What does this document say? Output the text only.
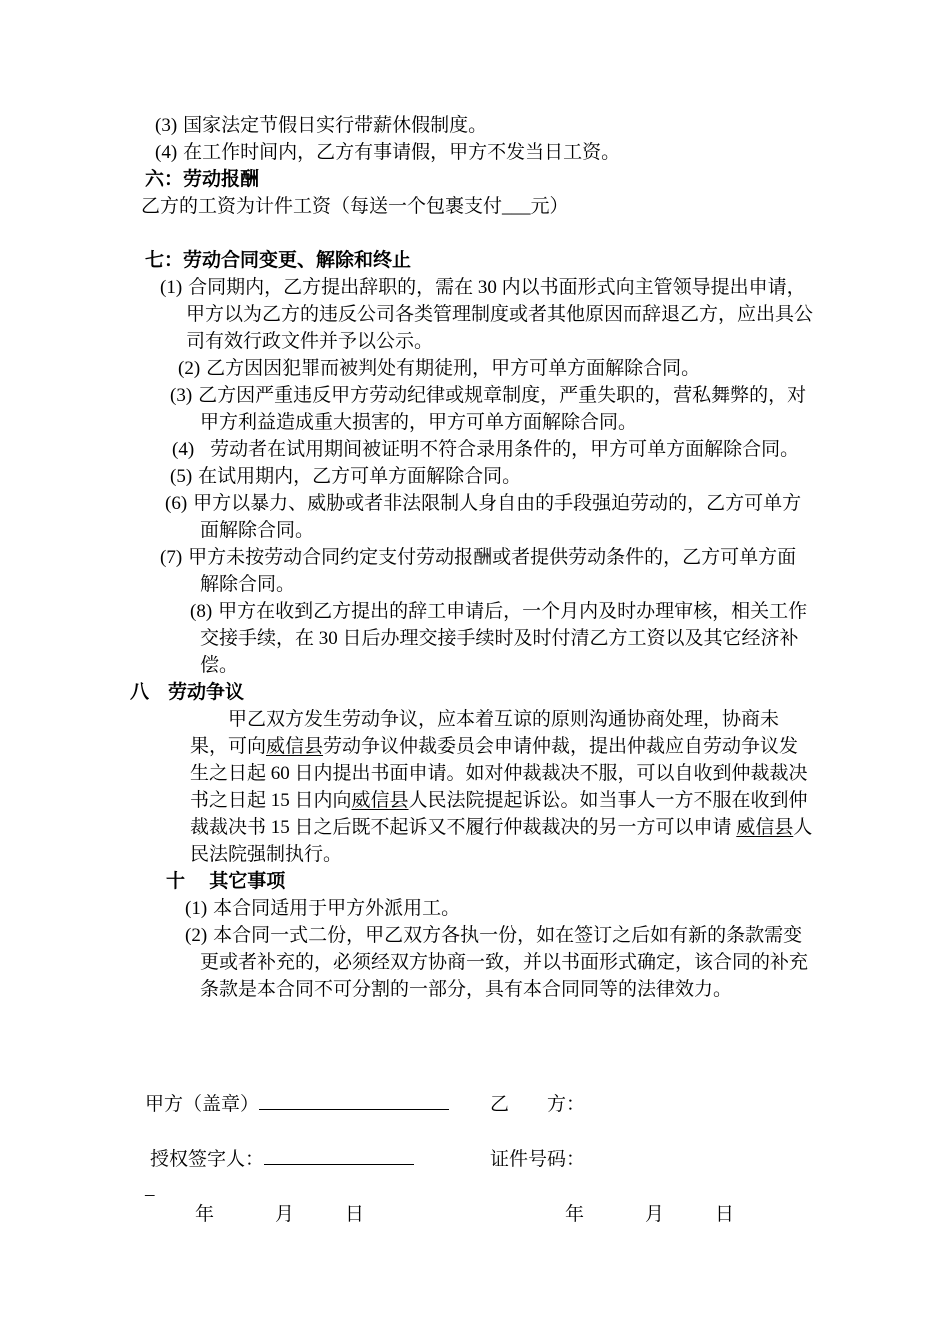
(3) 国家法定节假日实行带薪休假制度。
(4) 在工作时间内，乙方有事请假，甲方不发当日工资。
六：劳动报酬
乙方的工资为计件工资（每送一个包裹支付___元）
七：劳动合同变更、解除和终止
(1) 合同期内，乙方提出辞职的，需在 30 内以书面形式向主管领导提出申请，甲方以为乙方的违反公司各类管理制度或者其他原因而辞退乙方，应出具公司有效行政文件并予以公示。
(2) 乙方因因犯罪而被判处有期徒刑，甲方可单方面解除合同。
(3) 乙方因严重违反甲方劳动纪律或规章制度，严重失职的，营私舞弊的，对甲方利益造成重大损害的，甲方可单方面解除合同。
(4) 劳动者在试用期间被证明不符合录用条件的，甲方可单方面解除合同。
(5) 在试用期内，乙方可单方面解除合同。
(6) 甲方以暴力、威胁或者非法限制人身自由的手段强迫劳动的，乙方可单方面解除合同。
(7) 甲方未按劳动合同约定支付劳动报酬或者提供劳动条件的，乙方可单方面解除合同。
(8) 甲方在收到乙方提出的辞工申请后，一个月内及时办理审核，相关工作交接手续，在 30 日后办理交接手续时及时付清乙方工资以及其它经济补偿。
八　劳动争议
甲乙双方发生劳动争议，应本着互谅的原则沟通协商处理，协商未果，可向威信县劳动争议仲裁委员会申请仲裁，提出仲裁应自劳动争议发生之日起 60 日内提出书面申请。如对仲裁裁决不服，可以自收到仲裁裁决书之日起 15 日内向威信县人民法院提起诉讼。如当事人一方不服在收到仲裁裁决书 15 日之后既不起诉又不履行仲裁裁决的另一方可以申请 威信县人民法院强制执行。
十　 其它事项
(1) 本合同适用于甲方外派用工。
(2) 本合同一式二份，甲乙双方各执一份，如在签订之后如有新的条款需变更或者补充的，必须经双方协商一致，并以书面形式确定，该合同的补充条款是本合同不可分割的一部分，具有本合同同等的法律效力。
甲方（盖章）	乙　　方：
授权签字人：	证件号码：
–
年	月	日	年	月	日
